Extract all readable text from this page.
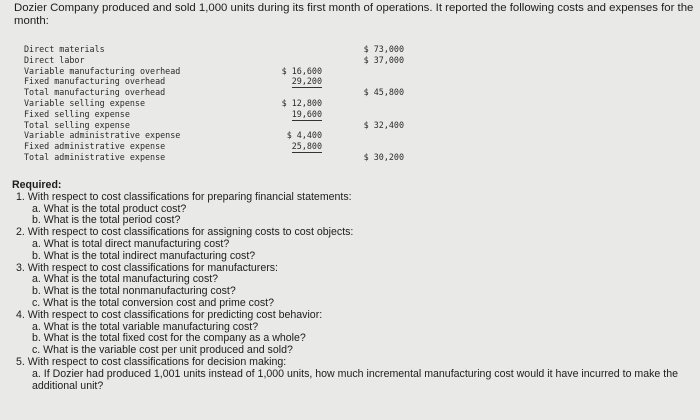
Dozier Company produced and sold 1,000 units during its first month of operations. It reported the following costs and expenses for the month:
Direct materials	$ 73,000
Direct labor	$ 37,000
Variable manufacturing overhead	$ 16,600
Fixed manufacturing overhead	29,200
Total manufacturing overhead	$ 45,800
Variable selling expense	$ 12,800
Fixed selling expense	19,600
Total selling expense	$ 32,400
Variable administrative expense	$ 4,400
Fixed administrative expense	25,800
Total administrative expense	$ 30,200
Required:
1. With respect to cost classifications for preparing financial statements:
a. What is the total product cost?
b. What is the total period cost?
2. With respect to cost classifications for assigning costs to cost objects:
a. What is total direct manufacturing cost?
b. What is the total indirect manufacturing cost?
3. With respect to cost classifications for manufacturers:
a. What is the total manufacturing cost?
b. What is the total nonmanufacturing cost?
c. What is the total conversion cost and prime cost?
4. With respect to cost classifications for predicting cost behavior:
a. What is the total variable manufacturing cost?
b. What is the total fixed cost for the company as a whole?
c. What is the variable cost per unit produced and sold?
5. With respect to cost classifications for decision making:
a. If Dozier had produced 1,001 units instead of 1,000 units, how much incremental manufacturing cost would it have incurred to make the additional unit?
